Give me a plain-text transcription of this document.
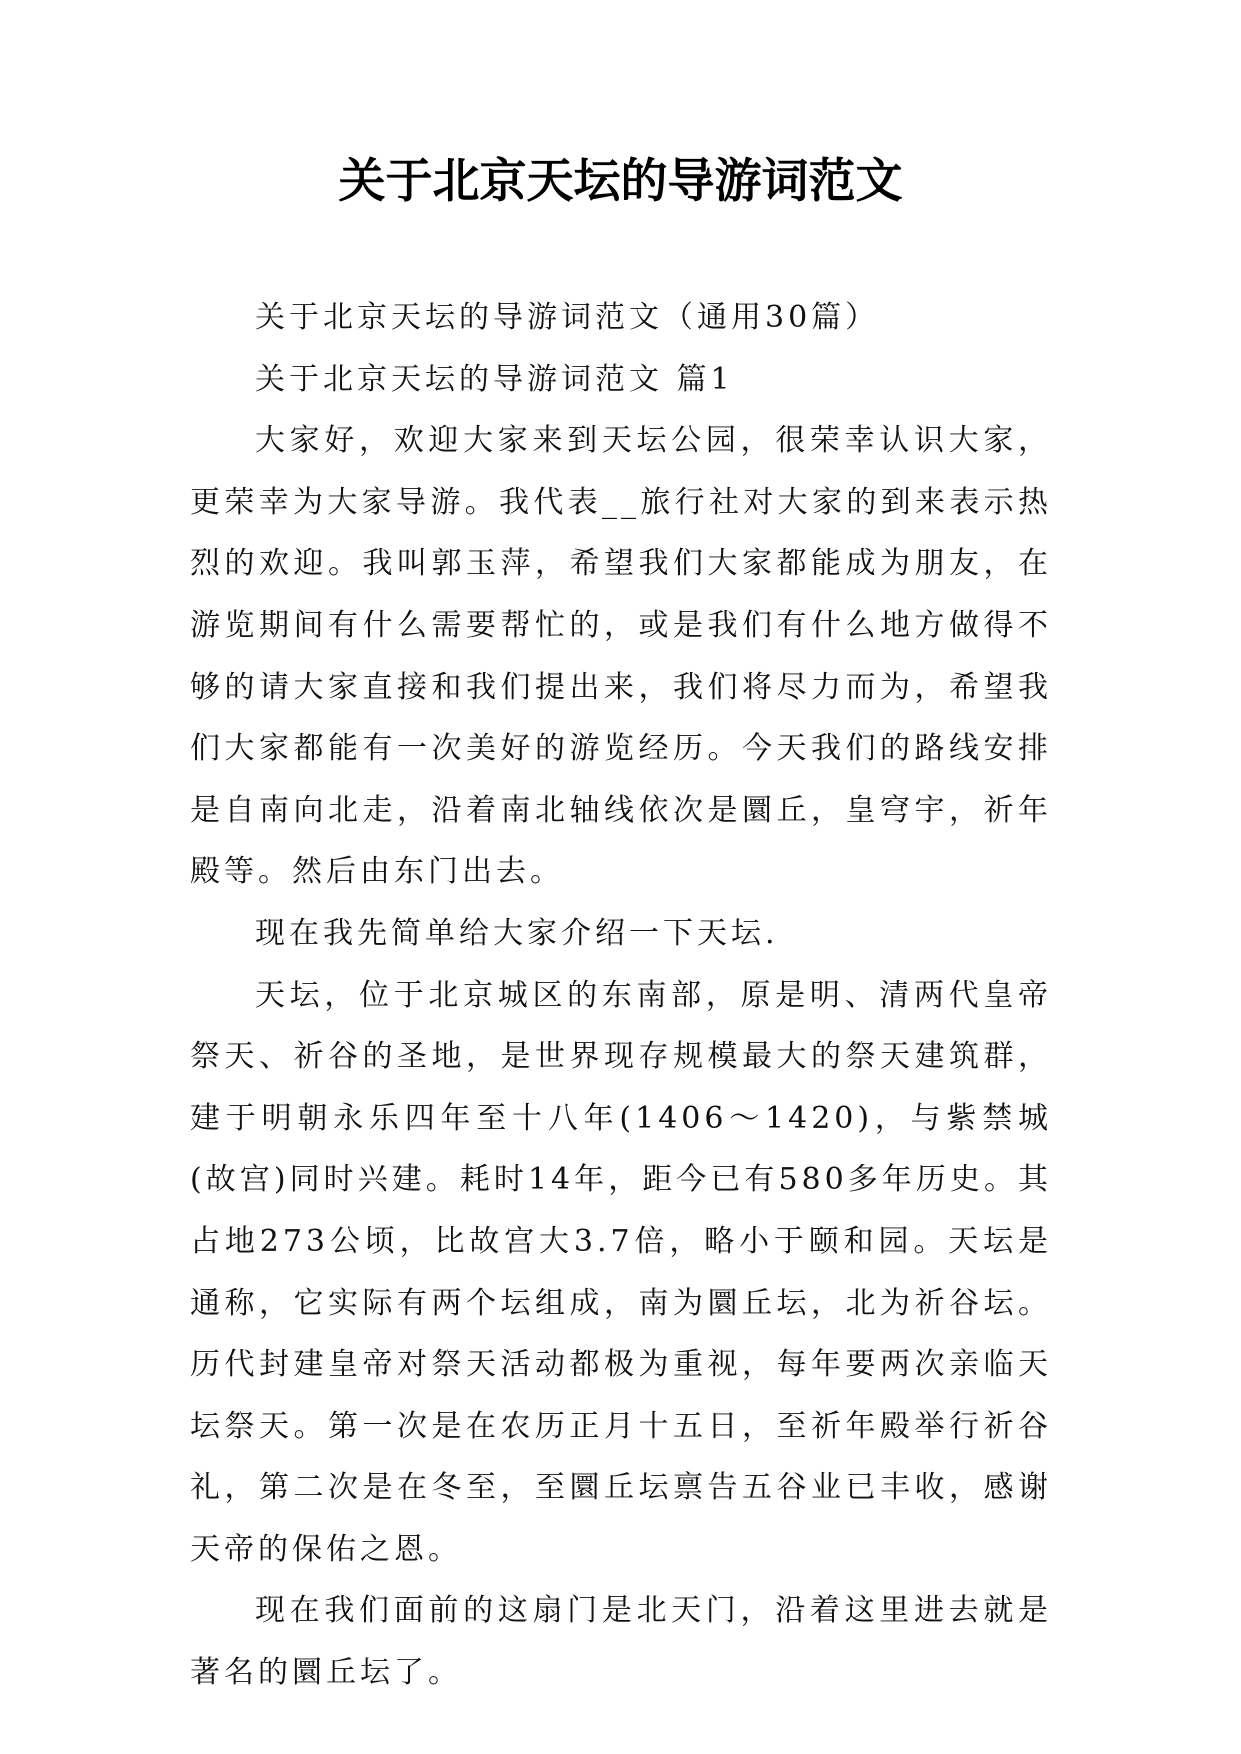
关于北京天坛的导游词范文

关于北京天坛的导游词范文（通用30篇）

关于北京天坛的导游词范文 篇1

大家好，欢迎大家来到天坛公园，很荣幸认识大家，更荣幸为大家导游。我代表__旅行社对大家的到来表示热烈的欢迎。我叫郭玉萍，希望我们大家都能成为朋友，在游览期间有什么需要帮忙的，或是我们有什么地方做得不够的请大家直接和我们提出来，我们将尽力而为，希望我们大家都能有一次美好的游览经历。今天我们的路线安排是自南向北走，沿着南北轴线依次是圜丘，皇穹宇，祈年殿等。然后由东门出去。

现在我先简单给大家介绍一下天坛.

天坛，位于北京城区的东南部，原是明、清两代皇帝祭天、祈谷的圣地，是世界现存规模最大的祭天建筑群，建于明朝永乐四年至十八年(1406～1420)，与紫禁城(故宫)同时兴建。耗时14年，距今已有580多年历史。其占地273公顷，比故宫大3.7倍，略小于颐和园。天坛是通称，它实际有两个坛组成，南为圜丘坛，北为祈谷坛。历代封建皇帝对祭天活动都极为重视，每年要两次亲临天坛祭天。第一次是在农历正月十五日，至祈年殿举行祈谷礼，第二次是在冬至，至圜丘坛禀告五谷业已丰收，感谢天帝的保佑之恩。

现在我们面前的这扇门是北天门，沿着这里进去就是著名的圜丘坛了。
